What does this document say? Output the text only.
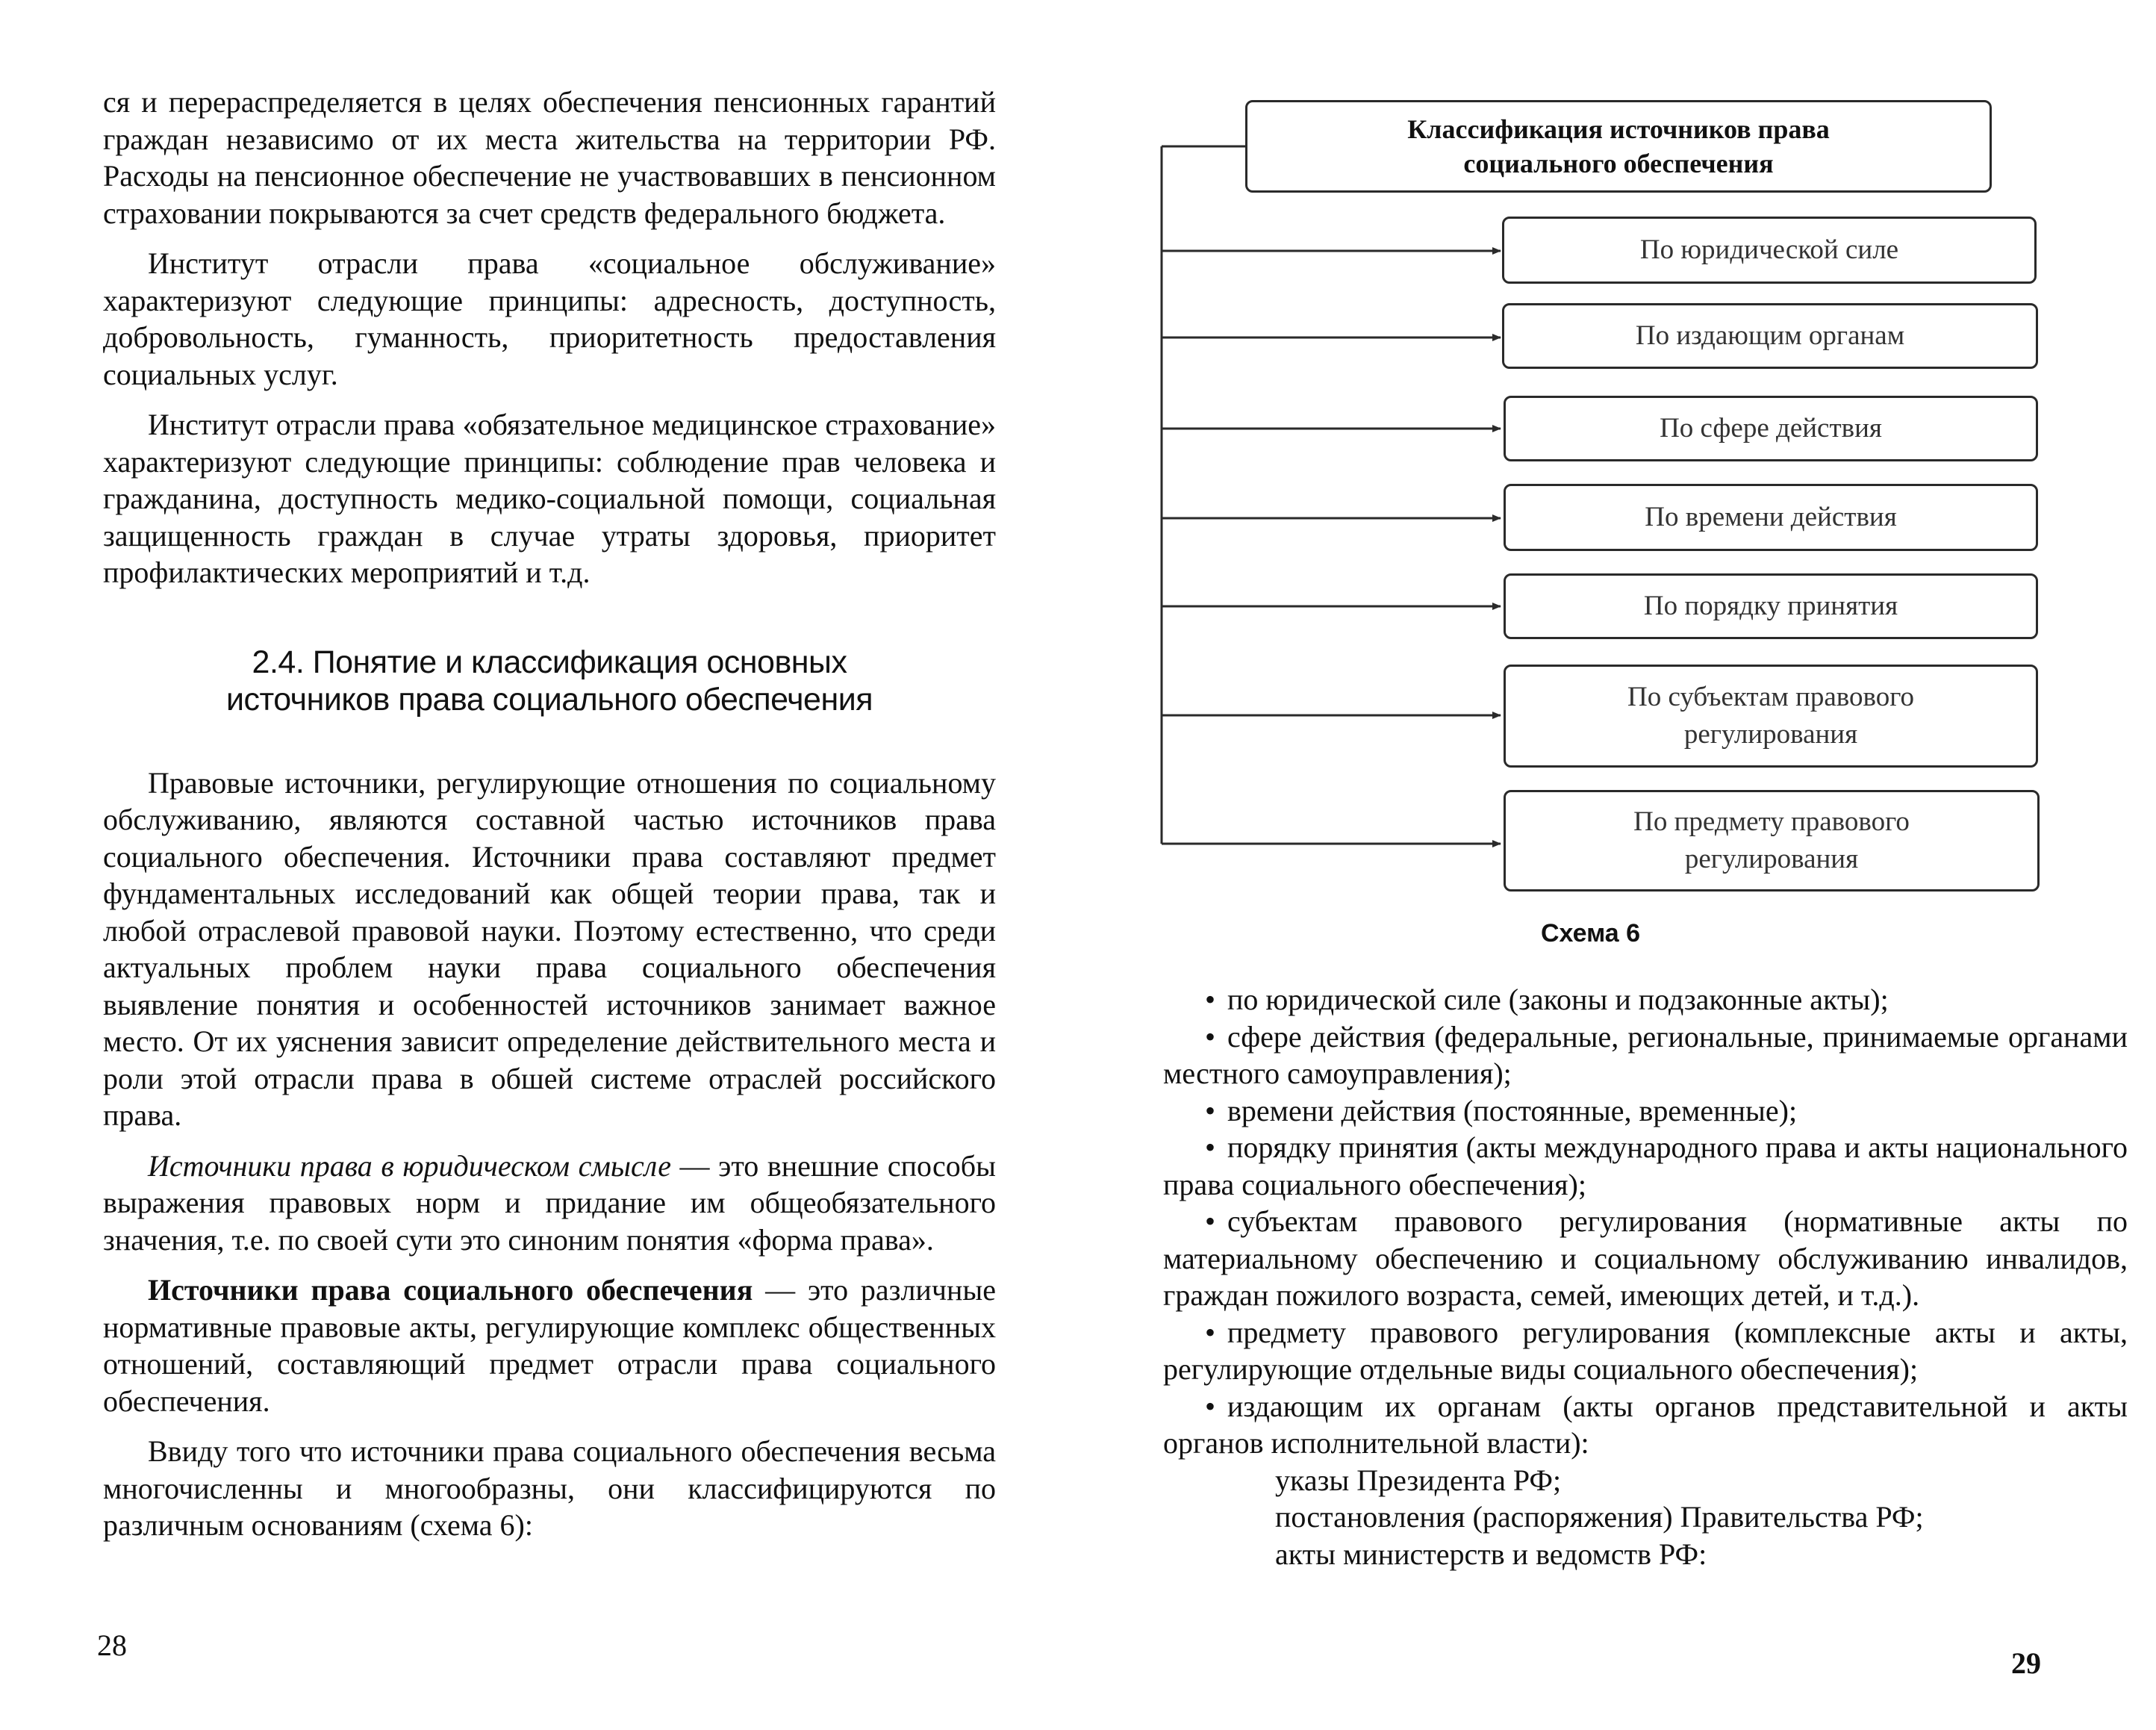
ся и перераспределяется в целях обеспечения пенсионных гарантий граждан независимо от их места жительства на территории РФ. Расходы на пенсионное обеспечение не участвовавших в пенсионном страховании покрываются за счет средств федерального бюджета.

Институт отрасли права «социальное обслуживание» характеризуют следующие принципы: адресность, доступность, добровольность, гуманность, приоритетность предоставления социальных услуг.

Институт отрасли права «обязательное медицинское страхование» характеризуют следующие принципы: соблюдение прав человека и гражданина, доступность медико-социальной помощи, социальная защищенность граждан в случае утраты здоровья, приоритет профилактических мероприятий и т.д.

2.4. Понятие и классификация основных
источников права социального обеспечения

Правовые источники, регулирующие отношения по социальному обслуживанию, являются составной частью источников права социального обеспечения. Источники права составляют предмет фундаментальных исследований как общей теории права, так и любой отраслевой правовой науки. Поэтому естественно, что среди актуальных проблем науки права социального обеспечения выявление понятия и особенностей источников занимает важное место. От их уяснения зависит определение действительного места и роли этой отрасли права в обшей системе отраслей российского права.

Источники права в юридическом смысле — это внешние способы выражения правовых норм и придание им общеобязательного значения, т.е. по своей сути это синоним понятия «форма права».

Источники права социального обеспечения — это различные нормативные правовые акты, регулирующие комплекс общественных отношений, составляющий предмет отрасли права социального обеспечения.

Ввиду того что источники права социального обеспечения весьма многочисленны и многообразны, они классифицируются по различным основаниям (схема 6):

28
Классификация источников права
социального обеспечения
По юридической силе
По издающим органам
По сфере действия
По времени действия
По порядку принятия
По субъектам правового
регулирования
По предмету правового
регулирования
Схема 6

• по юридической силе (законы и подзаконные акты);

• сфере действия (федеральные, региональные, принимаемые органами местного самоуправления);

• времени действия (постоянные, временные);

• порядку принятия (акты международного права и акты национального права социального обеспечения);

• субъектам правового регулирования (нормативные акты по материальному обеспечению и социальному обслуживанию инвалидов, граждан пожилого возраста, семей, имеющих детей, и т.д.).

• предмету правового регулирования (комплексные акты и акты, регулирующие отдельные виды социального обеспечения);

• издающим их органам (акты органов представительной и акты органов исполнительной власти):

указы Президента РФ;
постановления (распоряжения) Правительства РФ;
акты министерств и ведомств РФ:
29
